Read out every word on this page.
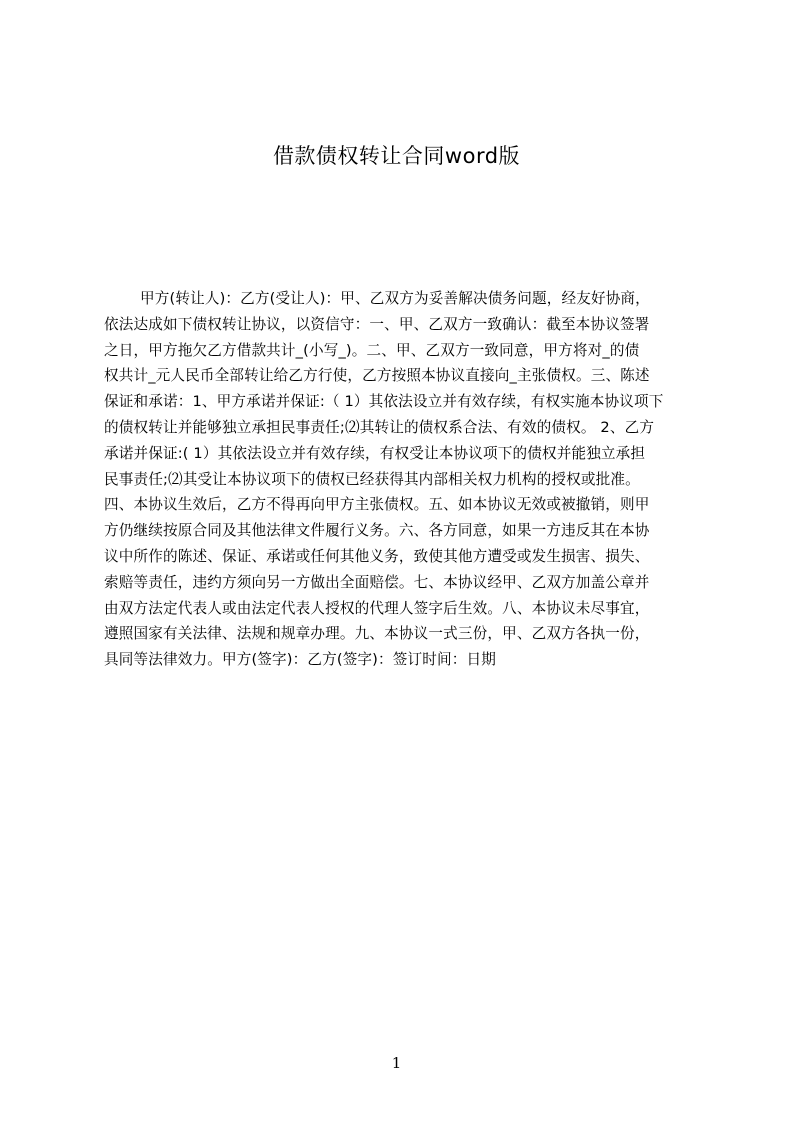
借款债权转让合同word版
甲方(转让人)：乙方(受让人)：甲、乙双方为妥善解决债务问题，经友好协商，
依法达成如下债权转让协议，以资信守：一、甲、乙双方一致确认：截至本协议签署
之日，甲方拖欠乙方借款共计_(小写_)。二、甲、乙双方一致同意，甲方将对_的债
权共计_元人民币全部转让给乙方行使，乙方按照本协议直接向_主张债权。三、陈述
保证和承诺：1、甲方承诺并保证:（ 1）其依法设立并有效存续，有权实施本协议项下
的债权转让并能够独立承担民事责任;⑵其转让的债权系合法、有效的债权。 2、乙方
承诺并保证:( 1）其依法设立并有效存续，有权受让本协议项下的债权并能独立承担
民事责任;⑵其受让本协议项下的债权已经获得其内部相关权力机构的授权或批准。
四、本协议生效后，乙方不得再向甲方主张债权。五、如本协议无效或被撤销，则甲
方仍继续按原合同及其他法律文件履行义务。六、各方同意，如果一方违反其在本协
议中所作的陈述、保证、承诺或任何其他义务，致使其他方遭受或发生损害、损失、
索赔等责任，违约方须向另一方做出全面赔偿。七、本协议经甲、乙双方加盖公章并
由双方法定代表人或由法定代表人授权的代理人签字后生效。八、本协议未尽事宜，
遵照国家有关法律、法规和规章办理。九、本协议一式三份，甲、乙双方各执一份，
具同等法律效力。甲方(签字)：乙方(签字)：签订时间：日期
1
